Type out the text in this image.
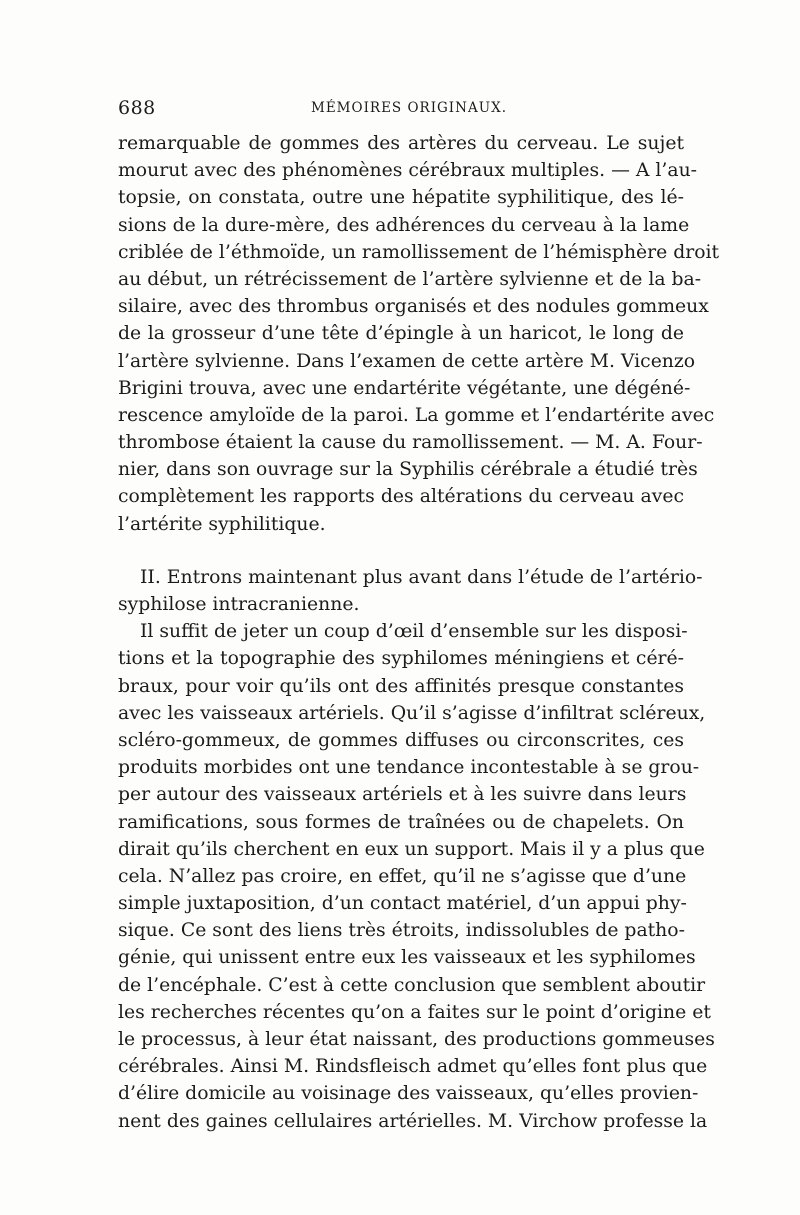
688	MÉMOIRES ORIGINAUX.
remarquable de gommes des artères du cerveau. Le sujet
mourut avec des phénomènes cérébraux multiples. — A l’au-
topsie, on constata, outre une hépatite syphilitique, des lé-
sions de la dure-mère, des adhérences du cerveau à la lame
criblée de l’éthmoïde, un ramollissement de l’hémisphère droit
au début, un rétrécissement de l’artère sylvienne et de la ba-
silaire, avec des thrombus organisés et des nodules gommeux
de la grosseur d’une tête d’épingle à un haricot, le long de
l’artère sylvienne. Dans l’examen de cette artère M. Vicenzo
Brigini trouva, avec une endartérite végétante, une dégéné-
rescence amyloïde de la paroi. La gomme et l’endartérite avec
thrombose étaient la cause du ramollissement. — M. A. Four-
nier, dans son ouvrage sur la Syphilis cérébrale a étudié très
complètement les rapports des altérations du cerveau avec
l’artérite syphilitique.
II. Entrons maintenant plus avant dans l’étude de l’artério-
syphilose intracranienne.
Il suffit de jeter un coup d’œil d’ensemble sur les disposi-
tions et la topographie des syphilomes méningiens et céré-
braux, pour voir qu’ils ont des affinités presque constantes
avec les vaisseaux artériels. Qu’il s’agisse d’infiltrat scléreux,
scléro-gommeux, de gommes diffuses ou circonscrites, ces
produits morbides ont une tendance incontestable à se grou-
per autour des vaisseaux artériels et à les suivre dans leurs
ramifications, sous formes de traînées ou de chapelets. On
dirait qu’ils cherchent en eux un support. Mais il y a plus que
cela. N’allez pas croire, en effet, qu’il ne s’agisse que d’une
simple juxtaposition, d’un contact matériel, d’un appui phy-
sique. Ce sont des liens très étroits, indissolubles de patho-
génie, qui unissent entre eux les vaisseaux et les syphilomes
de l’encéphale. C’est à cette conclusion que semblent aboutir
les recherches récentes qu’on a faites sur le point d’origine et
le processus, à leur état naissant, des productions gommeuses
cérébrales. Ainsi M. Rindsfleisch admet qu’elles font plus que
d’élire domicile au voisinage des vaisseaux, qu’elles provien-
nent des gaines cellulaires artérielles. M. Virchow professe la
